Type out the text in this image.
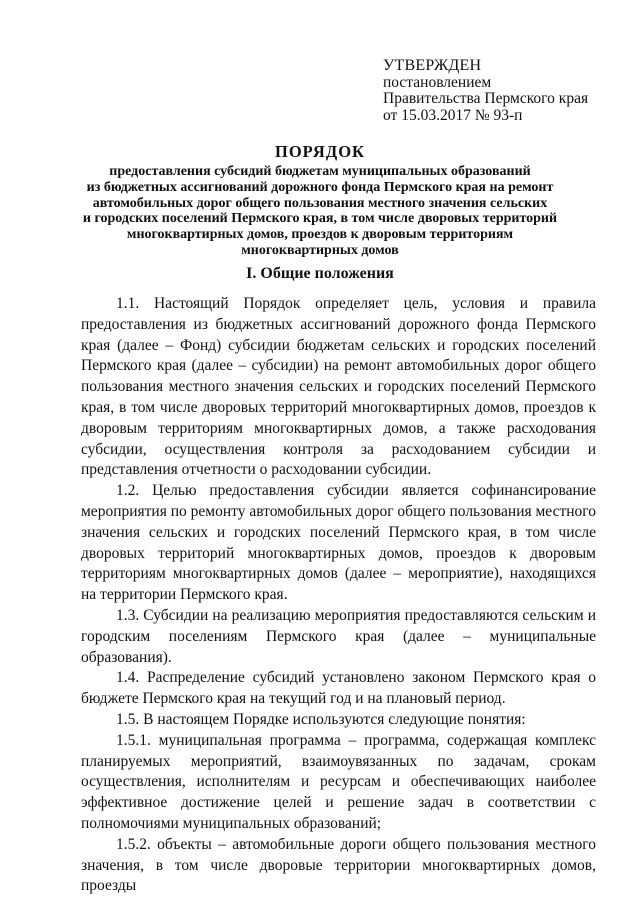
УТВЕРЖДЕН
постановлением
Правительства Пермского края
от 15.03.2017 № 93-п
ПОРЯДОК
предоставления субсидий бюджетам муниципальных образований
из бюджетных ассигнований дорожного фонда Пермского края на ремонт
автомобильных дорог общего пользования местного значения сельских
и городских поселений Пермского края, в том числе дворовых территорий
многоквартирных домов, проездов к дворовым территориям
многоквартирных домов
I. Общие положения

1.1. Настоящий Порядок определяет цель, условия и правила предоставления из бюджетных ассигнований дорожного фонда Пермского края (далее – Фонд) субсидии бюджетам сельских и городских поселений Пермского края (далее – субсидии) на ремонт автомобильных дорог общего пользования местного значения сельских и городских поселений Пермского края, в том числе дворовых территорий многоквартирных домов, проездов к дворовым территориям многоквартирных домов, а также расходования субсидии, осуществления контроля за расходованием субсидии и представления отчетности о расходовании субсидии.

1.2. Целью предоставления субсидии является софинансирование мероприятия по ремонту автомобильных дорог общего пользования местного значения сельских и городских поселений Пермского края, в том числе дворовых территорий многоквартирных домов, проездов к дворовым территориям многоквартирных домов (далее – мероприятие), находящихся на территории Пермского края.

1.3. Субсидии на реализацию мероприятия предоставляются сельским и городским поселениям Пермского края (далее – муниципальные образования).

1.4. Распределение субсидий установлено законом Пермского края о бюджете Пермского края на текущий год и на плановый период.

1.5. В настоящем Порядке используются следующие понятия:

1.5.1. муниципальная программа – программа, содержащая комплекс планируемых мероприятий, взаимоувязанных по задачам, срокам осуществления, исполнителям и ресурсам и обеспечивающих наиболее эффективное достижение целей и решение задач в соответствии с полномочиями муниципальных образований;

1.5.2. объекты – автомобильные дороги общего пользования местного значения, в том числе дворовые территории многоквартирных домов, проезды
